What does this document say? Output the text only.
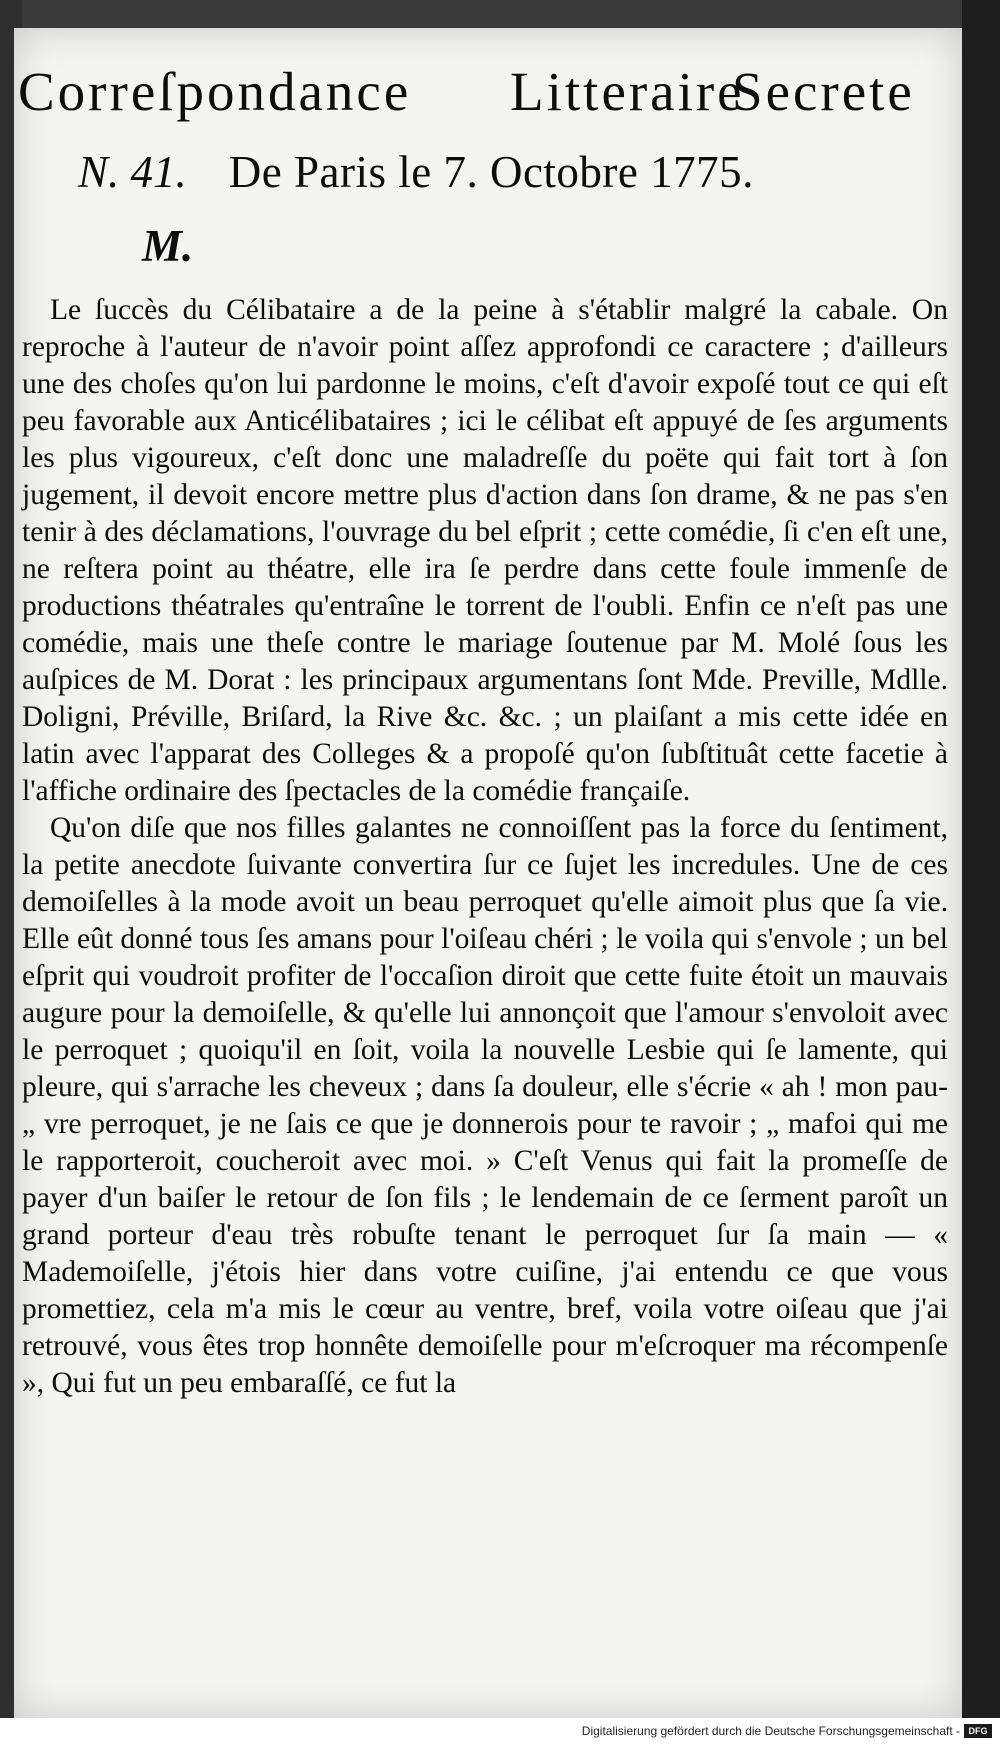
Correſpondance Litteraire
Secrete
N. 41. De Paris le 7. Octobre 1775.
M.

Le ſuccès du Célibataire a de la peine à s'établir malgré la cabale. On reproche à l'auteur de n'avoir point aſſez approfondi ce caractere ; d'ailleurs une des choſes qu'on lui pardonne le moins, c'eſt d'avoir expoſé tout ce qui eſt peu favorable aux Anticélibataires ; ici le célibat eſt appuyé de ſes arguments les plus vigoureux, c'eſt donc une maladreſſe du poëte qui fait tort à ſon jugement, il devoit encore mettre plus d'action dans ſon drame, & ne pas s'en tenir à des déclamations, l'ouvrage du bel eſprit ; cette comédie, ſi c'en eſt une, ne reſtera point au théatre, elle ira ſe perdre dans cette foule immenſe de productions théatrales qu'entraîne le torrent de l'oubli. Enfin ce n'eſt pas une comédie, mais une theſe contre le mariage ſoutenue par M. Molé ſous les auſpices de M. Dorat : les principaux argumentans ſont Mde. Preville, Mdlle. Doligni, Préville, Briſard, la Rive &c. &c. ; un plaiſant a mis cette idée en latin avec l'apparat des Colleges & a propoſé qu'on ſubſtituât cette facetie à l'affiche ordinaire des ſpectacles de la comédie françaiſe.

Qu'on diſe que nos filles galantes ne connoiſſent pas la force du ſentiment, la petite anecdote ſuivante convertira ſur ce ſujet les incredules. Une de ces demoiſelles à la mode avoit un beau perroquet qu'elle aimoit plus que ſa vie. Elle eût donné tous ſes amans pour l'oiſeau chéri ; le voila qui s'envole ; un bel eſprit qui voudroit profiter de l'occaſion diroit que cette fuite étoit un mauvais augure pour la demoiſelle, & qu'elle lui annonçoit que l'amour s'envoloit avec le perroquet ; quoiqu'il en ſoit, voila la nouvelle Lesbie qui ſe lamente, qui pleure, qui s'arrache les cheveux ; dans ſa douleur, elle s'écrie « ah ! mon pau- „ vre perroquet, je ne ſais ce que je donnerois pour te ravoir ; „ mafoi qui me le rapporteroit, coucheroit avec moi. » C'eſt Venus qui fait la promeſſe de payer d'un baiſer le retour de ſon fils ; le lendemain de ce ſerment paroît un grand porteur d'eau très robuſte tenant le perroquet ſur ſa main — « Mademoiſelle, j'étois hier dans votre cuiſine, j'ai entendu ce que vous promettiez, cela m'a mis le cœur au ventre, bref, voila votre oiſeau que j'ai retrouvé, vous êtes trop honnête demoiſelle pour m'eſcroquer ma récompenſe », Qui fut un peu embaraſſé, ce fut la

Digitalisierung gefördert durch die Deutsche Forschungsgemeinschaft - DFG
